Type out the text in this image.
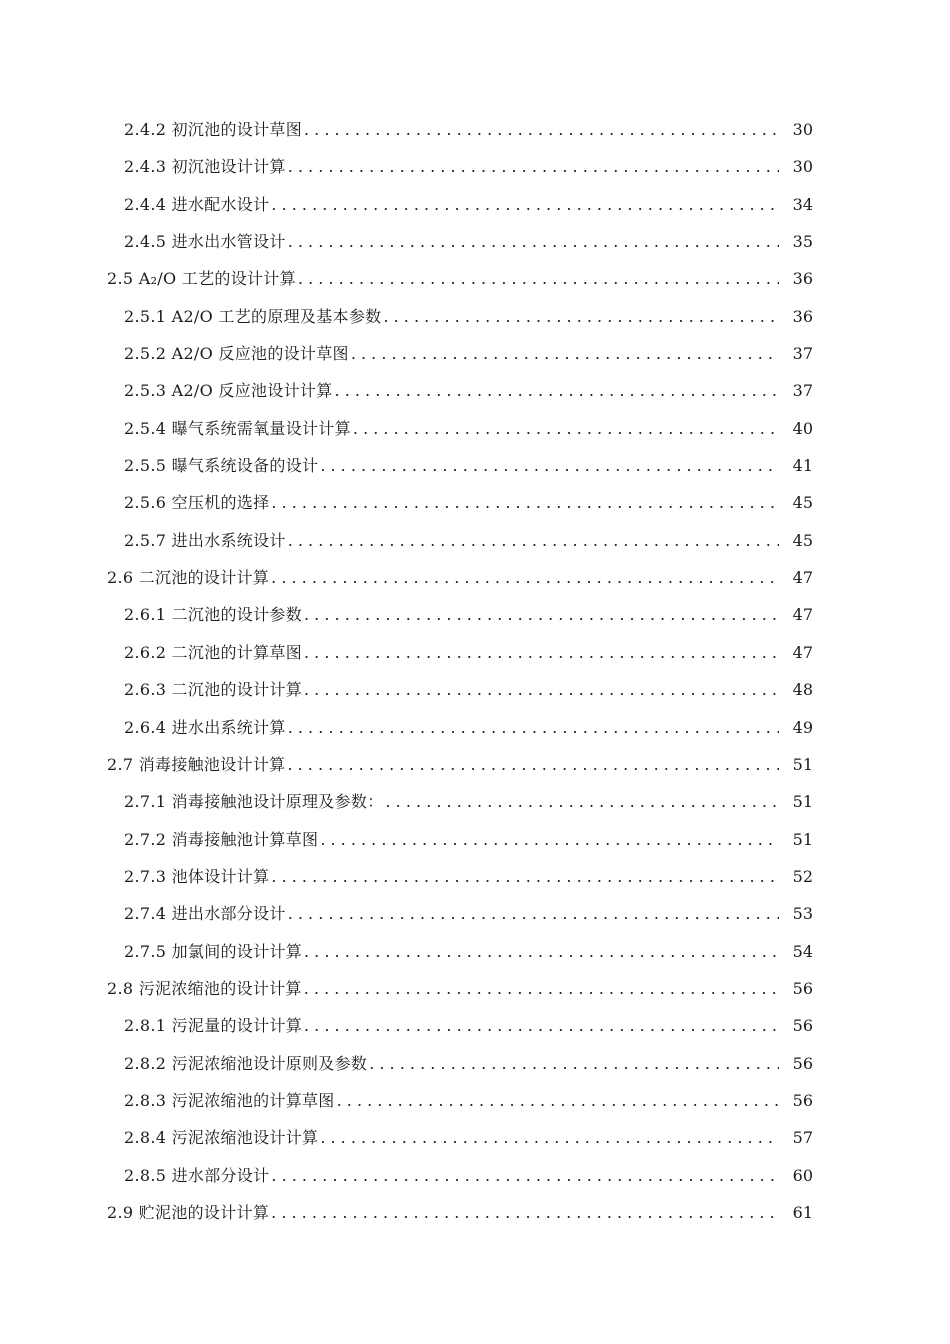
2.4.2 初沉池的设计草图 . . .	30
2.4.3 初沉池设计计算 . . .	30
2.4.4 进水配水设计 . . .	34
2.4.5 进水出水管设计 . . .	35
2.5 A₂/O 工艺的设计计算 . . .	36
2.5.1 A2/O 工艺的原理及基本参数 . . .	36
2.5.2 A2/O 反应池的设计草图 . . .	37
2.5.3 A2/O 反应池设计计算 . . .	37
2.5.4 曝气系统需氧量设计计算 . . .	40
2.5.5 曝气系统设备的设计 . . .	41
2.5.6 空压机的选择 . . .	45
2.5.7 进出水系统设计 . . .	45
2.6 二沉池的设计计算 . . .	47
2.6.1 二沉池的设计参数 . . .	47
2.6.2 二沉池的计算草图 . . .	47
2.6.3 二沉池的设计计算 . . .	48
2.6.4 进水出系统计算 . . .	49
2.7 消毒接触池设计计算 . . .	51
2.7.1 消毒接触池设计原理及参数： . . .	51
2.7.2 消毒接触池计算草图 . . .	51
2.7.3 池体设计计算 . . .	52
2.7.4 进出水部分设计 . . .	53
2.7.5 加氯间的设计计算 . . .	54
2.8 污泥浓缩池的设计计算 . . .	56
2.8.1 污泥量的设计计算 . . .	56
2.8.2 污泥浓缩池设计原则及参数 . . .	56
2.8.3 污泥浓缩池的计算草图 . . .	56
2.8.4 污泥浓缩池设计计算 . . .	57
2.8.5 进水部分设计 . . .	60
2.9 贮泥池的设计计算 . . .	61
